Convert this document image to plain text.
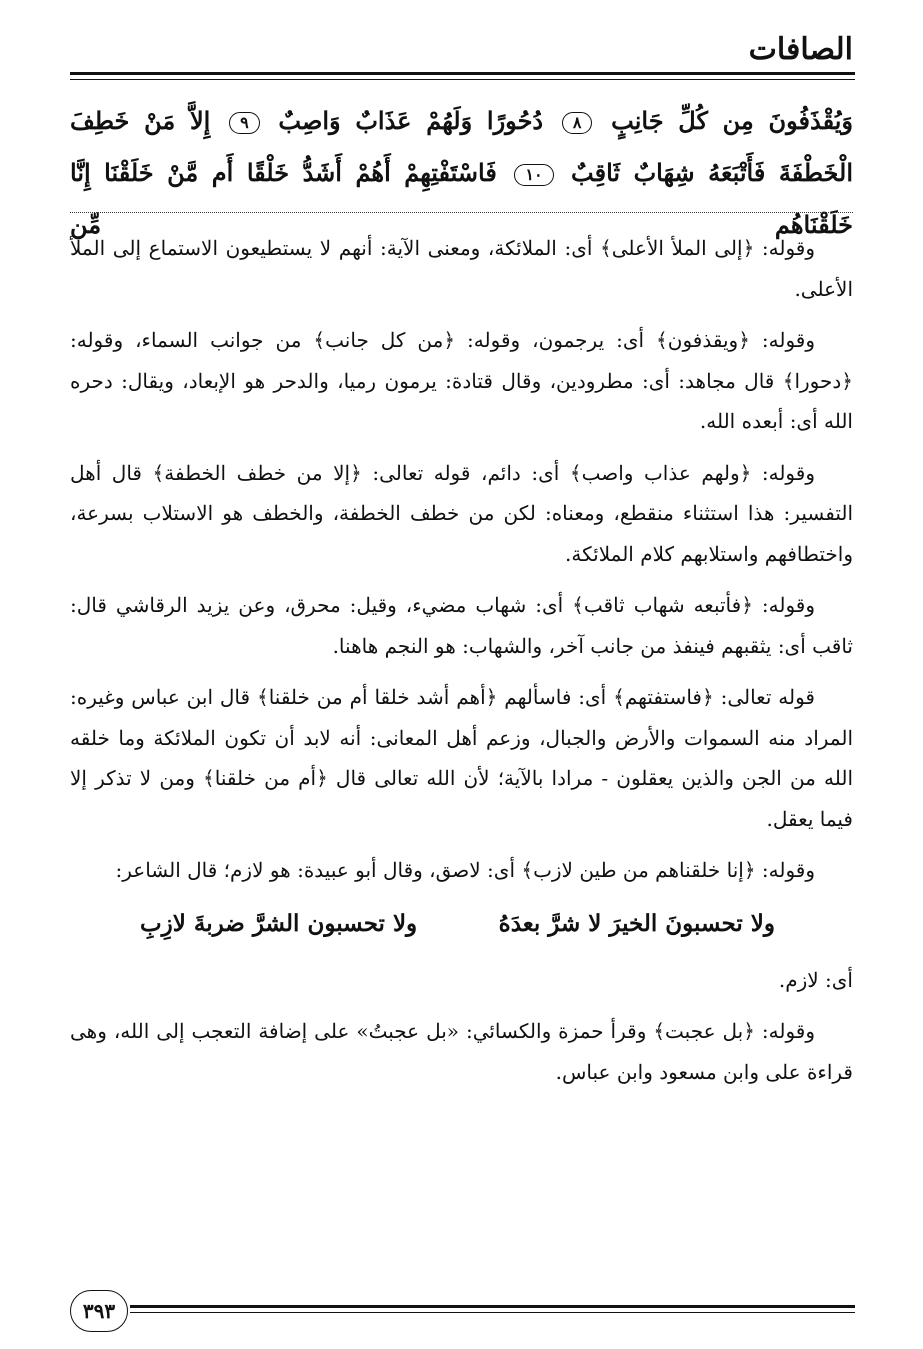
الصافات
وَيُقْذَفُونَ مِن كُلِّ جَانِبٍ ٨ دُحُورًا وَلَهُمْ عَذَابٌ وَاصِبٌ ٩ إِلاَّ مَنْ خَطِفَ الْخَطْفَةَ فَأَتْبَعَهُ شِهَابٌ ثَاقِبٌ ١٠ فَاسْتَفْتِهِمْ أَهُمْ أَشَدُّ خَلْقًا أَم مَّنْ خَلَقْنَا إِنَّا خَلَقْنَاهُم مِّن

وقوله: ﴿إلى الملأ الأعلى﴾ أى: الملائكة، ومعنى الآية: أنهم لا يستطيعون الاستماع إلى الملأ الأعلى.

وقوله: ﴿ويقذفون﴾ أى: يرجمون، وقوله: ﴿من كل جانب﴾ من جوانب السماء، وقوله: ﴿دحورا﴾ قال مجاهد: أى: مطرودين، وقال قتادة: يرمون رميا، والدحر هو الإبعاد، ويقال: دحره الله أى: أبعده الله.

وقوله: ﴿ولهم عذاب واصب﴾ أى: دائم، قوله تعالى: ﴿إلا من خطف الخطفة﴾ قال أهل التفسير: هذا استثناء منقطع، ومعناه: لكن من خطف الخطفة، والخطف هو الاستلاب بسرعة، واختطافهم واستلابهم كلام الملائكة.

وقوله: ﴿فأتبعه شهاب ثاقب﴾ أى: شهاب مضيء، وقيل: محرق، وعن يزيد الرقاشي قال: ثاقب أى: يثقبهم فينفذ من جانب آخر، والشهاب: هو النجم هاهنا.

قوله تعالى: ﴿فاستفتهم﴾ أى: فاسألهم ﴿أهم أشد خلقا أم من خلقنا﴾ قال ابن عباس وغيره: المراد منه السموات والأرض والجبال، وزعم أهل المعانى: أنه لابد أن تكون الملائكة وما خلقه الله من الجن والذين يعقلون - مرادا بالآية؛ لأن الله تعالى قال ﴿أم من خلقنا﴾ ومن لا تذكر إلا فيما يعقل.

وقوله: ﴿إنا خلقناهم من طين لازب﴾ أى: لاصق، وقال أبو عبيدة: هو لازم؛ قال الشاعر:

ولا تحسبونَ الخيرَ لا شرَّ بعدَهُ
ولا تحسبون الشرَّ ضربةَ لازِبِ

أى: لازم.

وقوله: ﴿بل عجبت﴾ وقرأ حمزة والكسائي: «بل عجبتُ» على إضافة التعجب إلى الله، وهى قراءة على وابن مسعود وابن عباس.

٣٩٣
